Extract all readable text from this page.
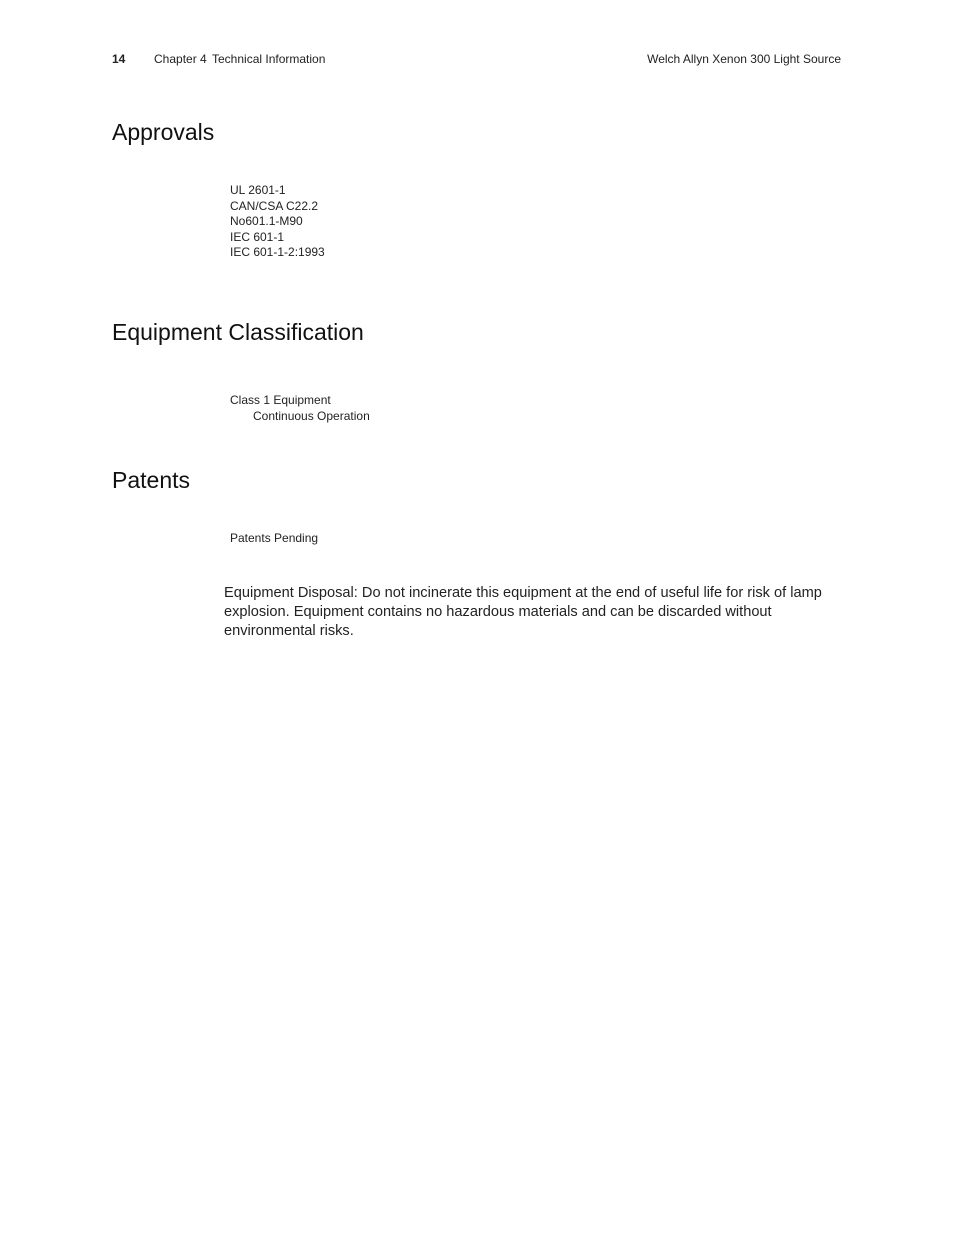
14 Chapter 4 Technical Information	Welch Allyn Xenon 300 Light Source
Approvals
UL 2601-1
CAN/CSA C22.2
No601.1-M90
IEC 601-1
IEC 601-1-2:1993
Equipment Classification
Class 1 Equipment
Continuous Operation
Patents
Patents Pending

Equipment Disposal: Do not incinerate this equipment at the end of useful life for risk of lamp explosion. Equipment contains no hazardous materials and can be discarded without environmental risks.
